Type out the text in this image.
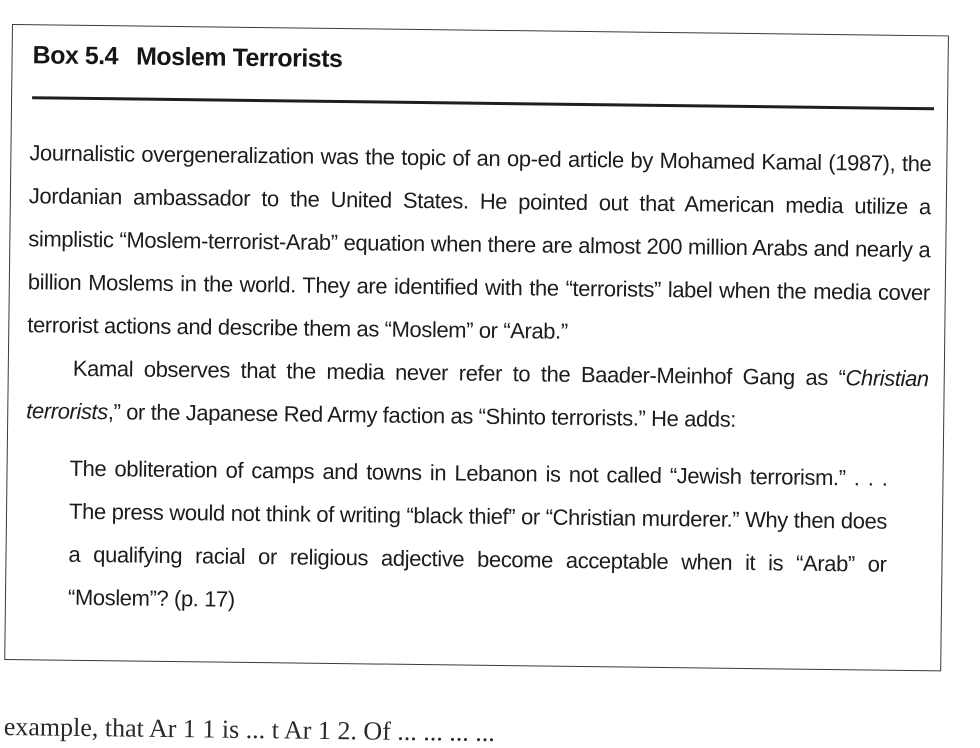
Box 5.4 Moslem Terrorists

Journalistic overgeneralization was the topic of an op-ed article by Mohamed Kamal (1987), the Jordanian ambassador to the United States. He pointed out that American media utilize a simplistic “Moslem-terrorist-Arab” equation when there are almost 200 million Arabs and nearly a billion Moslems in the world. They are identified with the “terrorists” label when the media cover terrorist actions and describe them as “Moslem” or “Arab.”

Kamal observes that the media never refer to the Baader-Meinhof Gang as “Christian terrorists,” or the Japanese Red Army faction as “Shinto terrorists.” He adds:

The obliteration of camps and towns in Lebanon is not called “Jewish terrorism.” . . . The press would not think of writing “black thief” or “Christian murderer.” Why then does a qualifying racial or religious adjective become acceptable when it is “Arab” or “Moslem”? (p. 17)

example, that Ar 1 1 is ... t Ar 1 2. Of ... ... ... ...
